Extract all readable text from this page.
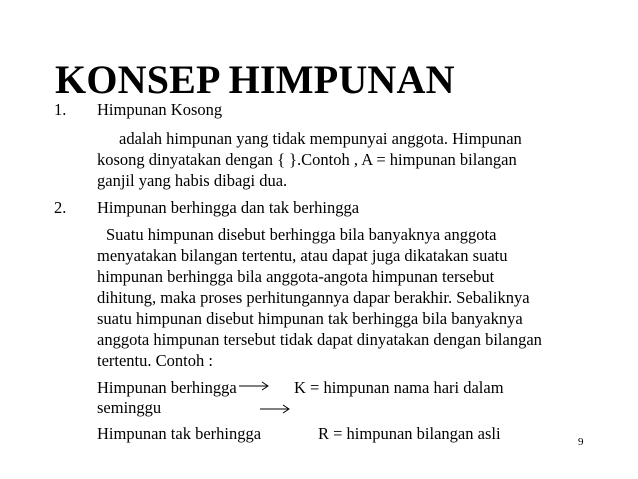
KONSEP HIMPUNAN
1. Himpunan Kosong
adalah himpunan yang tidak mempunyai anggota. Himpunan
kosong dinyatakan dengan { }.Contoh , A = himpunan bilangan
ganjil yang habis dibagi dua.
2. Himpunan berhingga dan tak berhingga
Suatu himpunan disebut berhingga bila banyaknya anggota
menyatakan bilangan tertentu, atau dapat juga dikatakan suatu
himpunan berhingga bila anggota-angota himpunan tersebut
dihitung, maka proses perhitungannya dapar berakhir. Sebaliknya
suatu himpunan disebut himpunan tak berhingga bila banyaknya
anggota himpunan tersebut tidak dapat dinyatakan dengan bilangan
tertentu. Contoh :
Himpunan berhingga	K = himpunan nama hari dalam
seminggu
Himpunan tak berhingga	R = himpunan bilangan asli	9
